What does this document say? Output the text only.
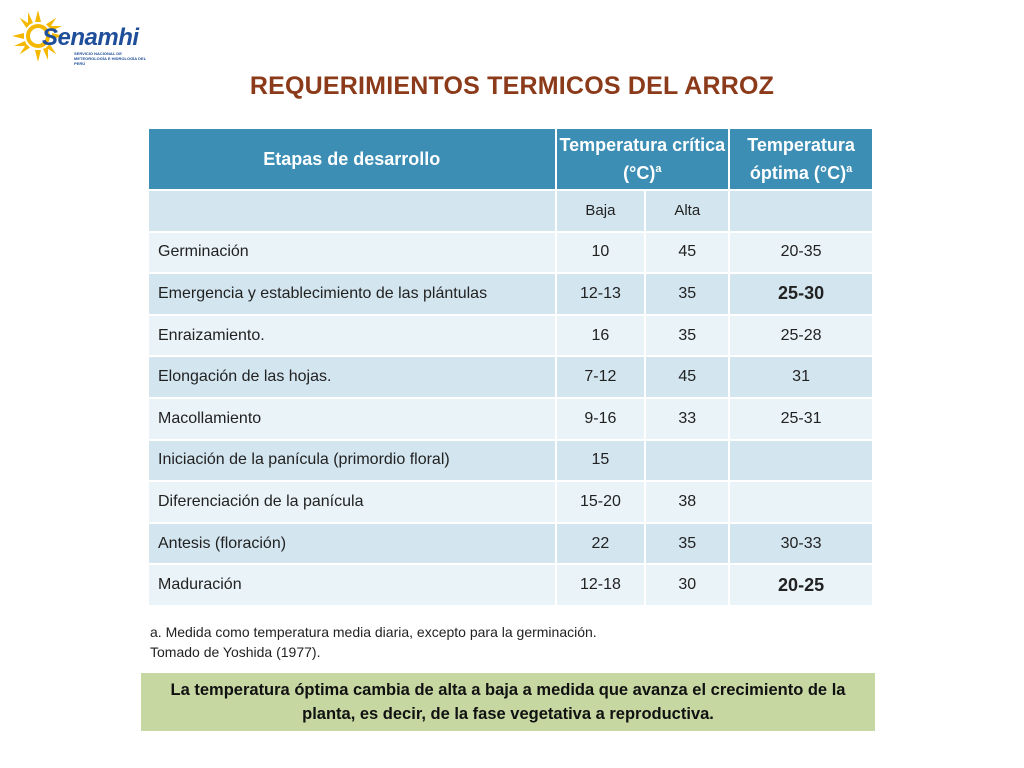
Senamhi
SERVICIO NACIONAL DE METEOROLOGÍA E HIDROLOGÍA DEL PERÚ
REQUERIMIENTOS TERMICOS DEL ARROZ
Etapas de desarrollo	Temperatura crítica $(^\circ C)^a$		Temperatura óptima $(^\circ C)^a$
	Baja	Alta	
Germinación	10	45	20-35
Emergencia y establecimiento de las plántulas	12-13	35	25-30
Enraizamiento.	16	35	25-28
Elongación de las hojas.	7-12	45	31
Macollamiento	9-16	33	25-31
Iniciación de la panícula (primordio floral)	15		
Diferenciación de la panícula	15-20	38	
Antesis (floración)	22	35	30-33
Maduración	12-18	30	20-25
a. Medida como temperatura media diaria, excepto para la germinación.
Tomado de Yoshida (1977).
La temperatura óptima cambia de alta a baja a medida que avanza el crecimiento de la planta, es decir, de la fase vegetativa a reproductiva.
